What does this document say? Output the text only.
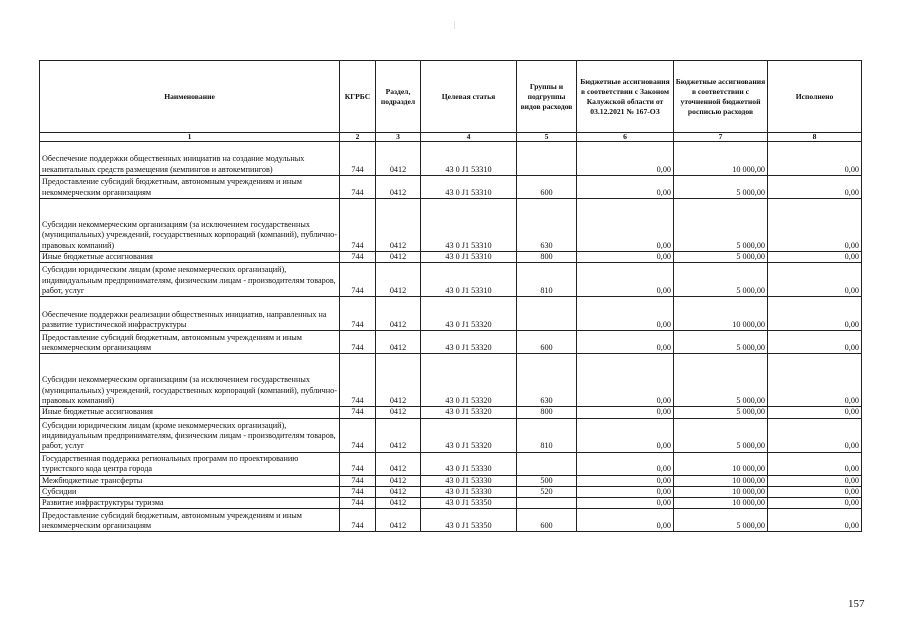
|
Наименование	КГРБС	Раздел, подраздел	Целевая статья	Группы и подгруппы видов расходов	Бюджетные ассигнования в соответствии с Законом Калужской области от 03.12.2021 № 167-ОЗ	Бюджетные ассигнования в соответствии с уточненной бюджетной росписью расходов	Исполнено
1	2	3	4	5	6	7	8
Обеспечение поддержки общественных инициатив на создание модульных некапитальных средств размещения (кемпингов и автокемпингов)	744	0412	43 0 J1 53310		0,00	10 000,00	0,00
Предоставление субсидий бюджетным, автономным учреждениям и иным некоммерческим организациям	744	0412	43 0 J1 53310	600	0,00	5 000,00	0,00
Субсидии некоммерческим организациям (за исключением государственных (муниципальных) учреждений, государственных корпораций (компаний), публично-правовых компаний)	744	0412	43 0 J1 53310	630	0,00	5 000,00	0,00
Иные бюджетные ассигнования	744	0412	43 0 J1 53310	800	0,00	5 000,00	0,00
Субсидии юридическим лицам (кроме некоммерческих организаций), индивидуальным предпринимателям, физическим лицам - производителям товаров, работ, услуг	744	0412	43 0 J1 53310	810	0,00	5 000,00	0,00
Обеспечение поддержки реализации общественных инициатив, направленных на развитие туристической инфраструктуры	744	0412	43 0 J1 53320		0,00	10 000,00	0,00
Предоставление субсидий бюджетным, автономным учреждениям и иным некоммерческим организациям	744	0412	43 0 J1 53320	600	0,00	5 000,00	0,00
Субсидии некоммерческим организациям (за исключением государственных (муниципальных) учреждений, государственных корпораций (компаний), публично-правовых компаний)	744	0412	43 0 J1 53320	630	0,00	5 000,00	0,00
Иные бюджетные ассигнования	744	0412	43 0 J1 53320	800	0,00	5 000,00	0,00
Субсидии юридическим лицам (кроме некоммерческих организаций), индивидуальным предпринимателям, физическим лицам - производителям товаров, работ, услуг	744	0412	43 0 J1 53320	810	0,00	5 000,00	0,00
Государственная поддержка региональных программ по проектированию туристского кода центра города	744	0412	43 0 J1 53330		0,00	10 000,00	0,00
Межбюджетные трансферты	744	0412	43 0 J1 53330	500	0,00	10 000,00	0,00
Субсидии	744	0412	43 0 J1 53330	520	0,00	10 000,00	0,00
Развитие инфраструктуры туризма	744	0412	43 0 J1 53350		0,00	10 000,00	0,00
Предоставление субсидий бюджетным, автономным учреждениям и иным некоммерческим организациям	744	0412	43 0 J1 53350	600	0,00	5 000,00	0,00
157
